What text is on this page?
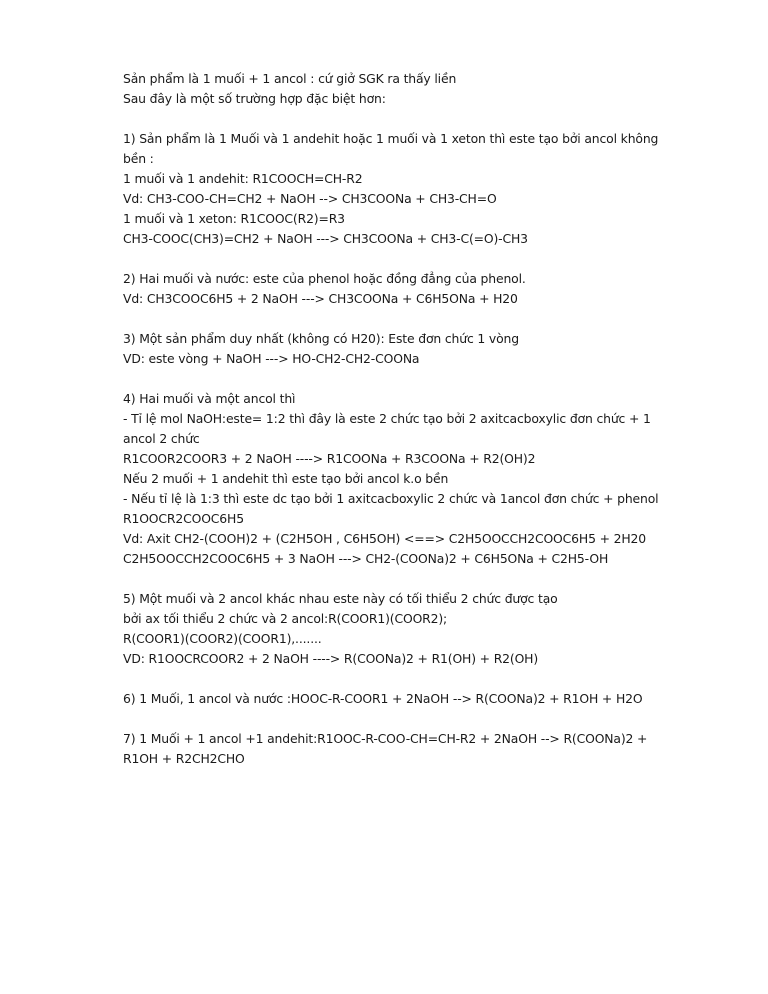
Sản phẩm là 1 muối + 1 ancol : cứ giở SGK ra thấy liền
Sau đây là một số trường hợp đặc biệt hơn:
1) Sản phẩm là 1 Muối và 1 andehit hoặc 1 muối và 1 xeton thì este tạo bởi ancol không
bền :
1 muối và 1 andehit: R1COOCH=CH-R2
Vd: CH3-COO-CH=CH2 + NaOH --> CH3COONa + CH3-CH=O
1 muối và 1 xeton: R1COOC(R2)=R3
CH3-COOC(CH3)=CH2 + NaOH ---> CH3COONa + CH3-C(=O)-CH3
2) Hai muối và nước: este của phenol hoặc đồng đẳng của phenol.
Vd: CH3COOC6H5 + 2 NaOH ---> CH3COONa + C6H5ONa + H20
3) Một sản phẩm duy nhất (không có H20): Este đơn chức 1 vòng
VD: este vòng + NaOH ---> HO-CH2-CH2-COONa
4) Hai muối và một ancol thì
- Tỉ lệ mol NaOH:este= 1:2 thì đây là este 2 chức tạo bởi 2 axitcacboxylic đơn chức + 1
ancol 2 chức
R1COOR2COOR3 + 2 NaOH ----> R1COONa + R3COONa + R2(OH)2
Nếu 2 muối + 1 andehit thì este tạo bởi ancol k.o bền
- Nếu tỉ lệ là 1:3 thì este dc tạo bởi 1 axitcacboxylic 2 chức và 1ancol đơn chức + phenol
R1OOCR2COOC6H5
Vd: Axit CH2-(COOH)2 + (C2H5OH , C6H5OH) <==> C2H5OOCCH2COOC6H5 + 2H20
C2H5OOCCH2COOC6H5 + 3 NaOH ---> CH2-(COONa)2 + C6H5ONa + C2H5-OH
5) Một muối và 2 ancol khác nhau este này có tối thiểu 2 chức được tạo
bởi ax tối thiểu 2 chức và 2 ancol:R(COOR1)(COOR2);
R(COOR1)(COOR2)(COOR1),.......
VD: R1OOCRCOOR2 + 2 NaOH ----> R(COONa)2 + R1(OH) + R2(OH)
6) 1 Muối, 1 ancol và nước :HOOC-R-COOR1 + 2NaOH --> R(COONa)2 + R1OH + H2O
7) 1 Muối + 1 ancol +1 andehit:R1OOC-R-COO-CH=CH-R2 + 2NaOH --> R(COONa)2 +
R1OH + R2CH2CHO
